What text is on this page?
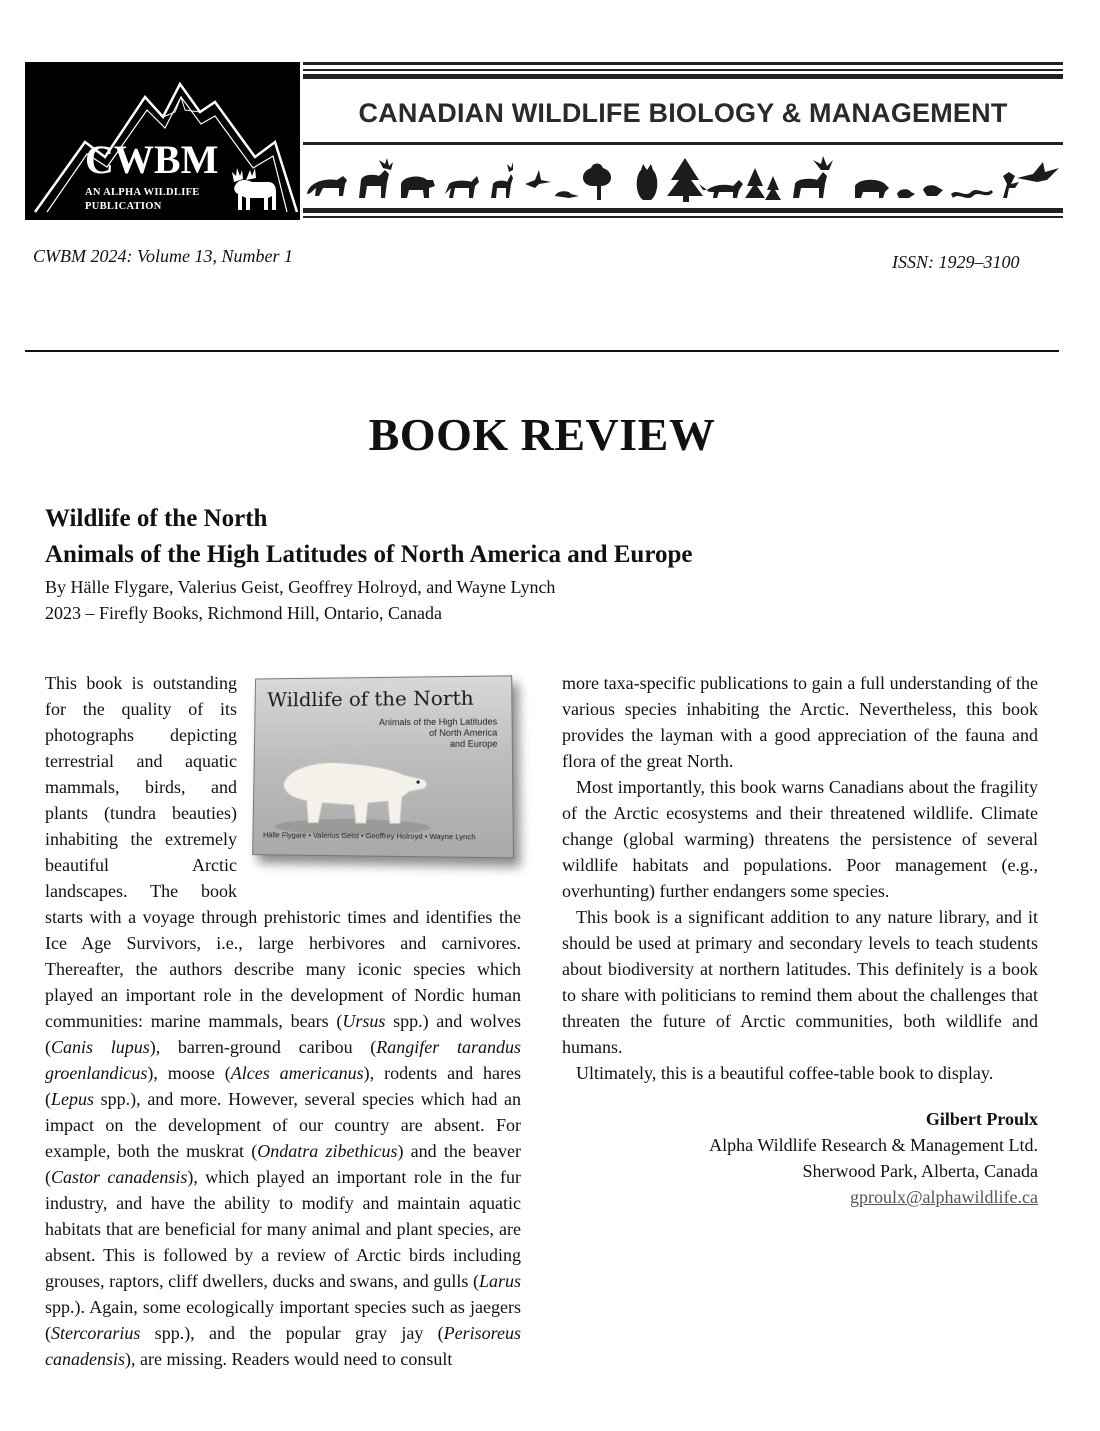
CWBM
AN ALPHA WILDLIFE
PUBLICATION
CANADIAN WILDLIFE BIOLOGY & MANAGEMENT
CWBM 2024: Volume 13, Number 1	ISSN: 1929–3100
BOOK REVIEW
Wildlife of the North
Animals of the High Latitudes of North America and Europe
By Hälle Flygare, Valerius Geist, Geoffrey Holroyd, and Wayne Lynch
2023 – Firefly Books, Richmond Hill, Ontario, Canada
Wildlife of the North
Animals of the High Latitudes
of North America
and Europe
Hälle Flygare • Valerius Geist • Geoffrey Holroyd • Wayne Lynch

This book is outstanding for the quality of its photographs depicting terrestrial and aquatic mammals, birds, and plants (tundra beauties) inhabiting the extremely beautiful Arctic landscapes. The book starts with a voyage through prehistoric times and identifies the Ice Age Survivors, i.e., large herbivores and carnivores. Thereafter, the authors describe many iconic species which played an important role in the development of Nordic human communities: marine mammals, bears (Ursus spp.) and wolves (Canis lupus), barren-ground caribou (Rangifer tarandus groenlandicus), moose (Alces americanus), rodents and hares (Lepus spp.), and more. However, several species which had an impact on the development of our country are absent. For example, both the muskrat (Ondatra zibethicus) and the beaver (Castor canadensis), which played an important role in the fur industry, and have the ability to modify and maintain aquatic habitats that are beneficial for many animal and plant species, are absent. This is followed by a review of Arctic birds including grouses, raptors, cliff dwellers, ducks and swans, and gulls (Larus spp.). Again, some ecologically important species such as jaegers (Stercorarius spp.), and the popular gray jay (Perisoreus canadensis), are missing. Readers would need to consult

more taxa-specific publications to gain a full understanding of the various species inhabiting the Arctic. Nevertheless, this book provides the layman with a good appreciation of the fauna and flora of the great North.

Most importantly, this book warns Canadians about the fragility of the Arctic ecosystems and their threatened wildlife. Climate change (global warming) threatens the persistence of several wildlife habitats and populations. Poor management (e.g., overhunting) further endangers some species.

This book is a significant addition to any nature library, and it should be used at primary and secondary levels to teach students about biodiversity at northern latitudes. This definitely is a book to share with politicians to remind them about the challenges that threaten the future of Arctic communities, both wildlife and humans.

Ultimately, this is a beautiful coffee-table book to display.

Gilbert Proulx
Alpha Wildlife Research & Management Ltd.
Sherwood Park, Alberta, Canada
gproulx@alphawildlife.ca
